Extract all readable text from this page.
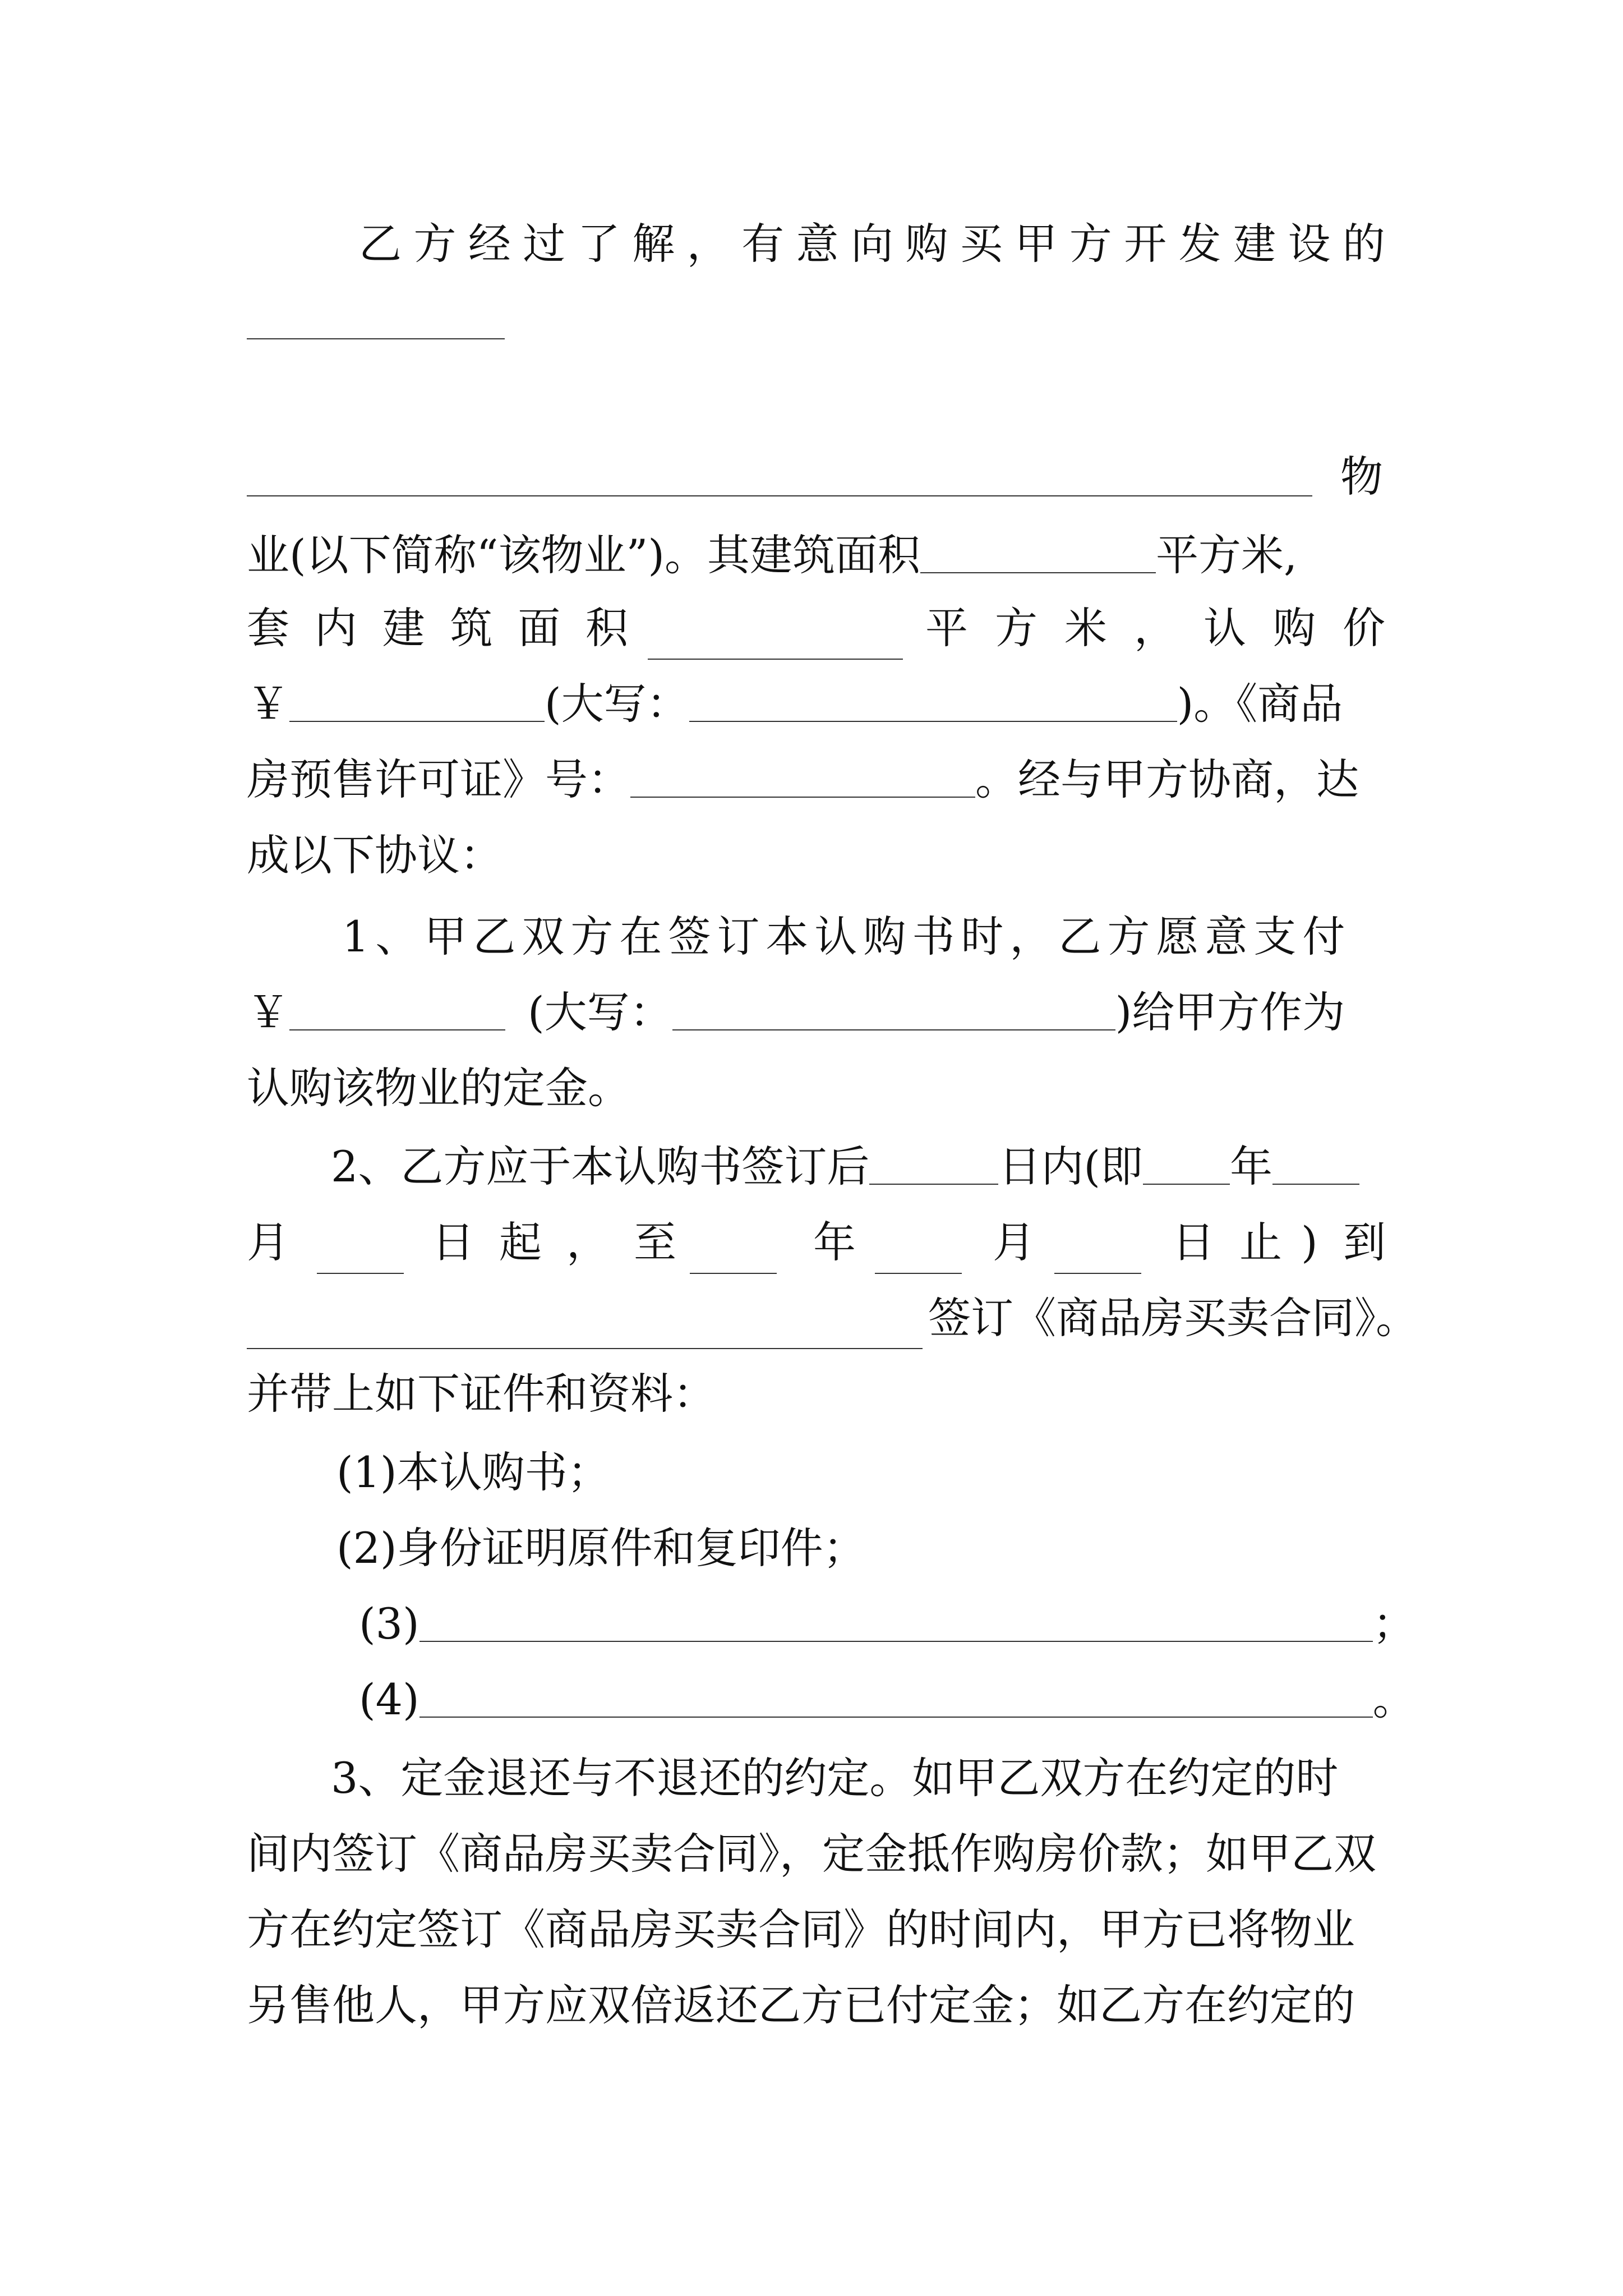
乙 方 经 过 了 解 ， 有 意 向 购 买 甲 方 开 发 建 设 的
物
业(以下简称“该物业”)。其建筑面积	平方米,
套 内 建 筑 面 积	平 方 米 ， 认 购 价
￥	(大写：	)。《商品
房预售许可证》号：	。经与甲方协商，达
成以下协议：
1、甲乙双方在签订本认购书时，乙方愿意支付
￥	(大写：	)给甲方作为
认购该物业的定金。
2、乙方应于本认购书签订后	日内(即 年
月	日 起 ， 至	年	月	日 止 ) 到
签订《商品房买卖合同》。
并带上如下证件和资料：
(1)本认购书；
(2)身份证明原件和复印件；
(3)	；
(4)	。
3、定金退还与不退还的约定。如甲乙双方在约定的时
间内签订《商品房买卖合同》，定金抵作购房价款；如甲乙双
方在约定签订《商品房买卖合同》的时间内，甲方已将物业
另售他人，甲方应双倍返还乙方已付定金；如乙方在约定的
